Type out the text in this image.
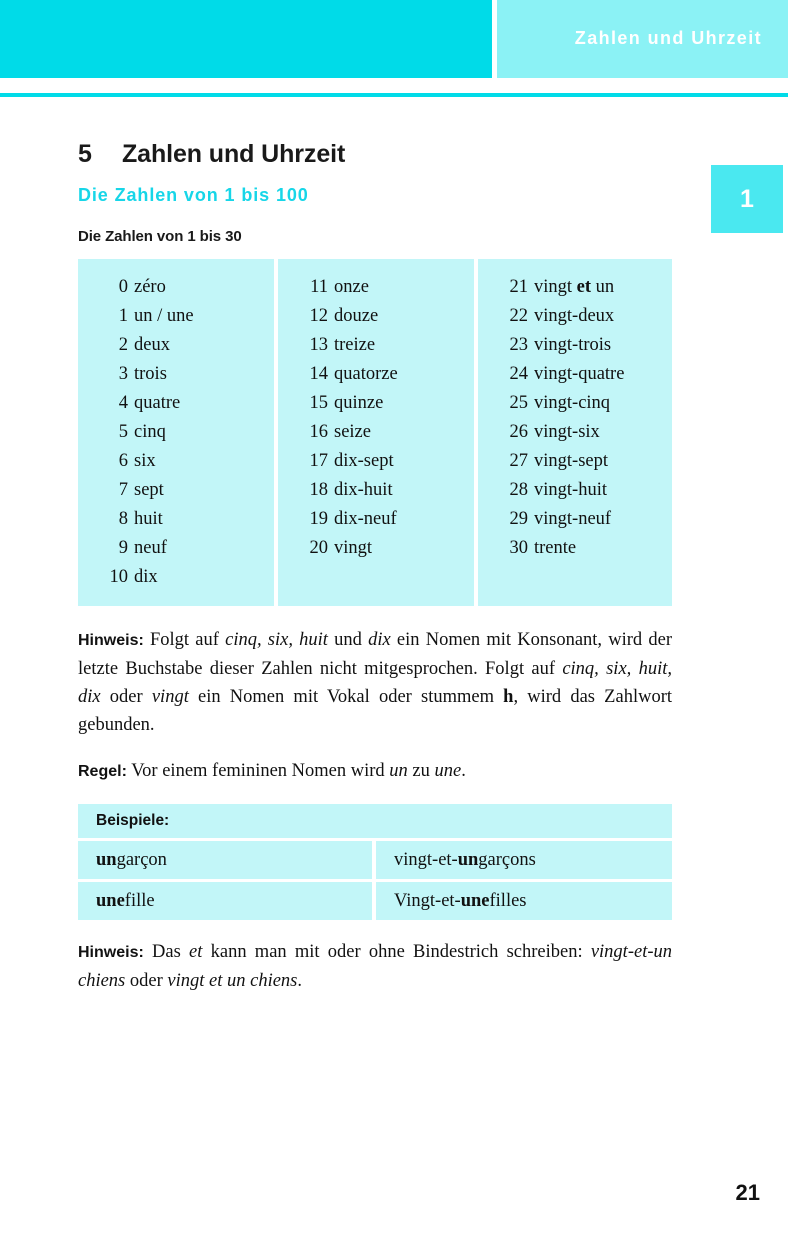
Zahlen und Uhrzeit
1
5 Zahlen und Uhrzeit
Die Zahlen von 1 bis 100
Die Zahlen von 1 bis 30
0 zéro
1 un / une
2 deux
3 trois
4 quatre
5 cinq
6 six
7 sept
8 huit
9 neuf
10 dix
11 onze
12 douze
13 treize
14 quatorze
15 quinze
16 seize
17 dix-sept
18 dix-huit
19 dix-neuf
20 vingt
21 vingt et un
22 vingt-deux
23 vingt-trois
24 vingt-quatre
25 vingt-cinq
26 vingt-six
27 vingt-sept
28 vingt-huit
29 vingt-neuf
30 trente

Hinweis: Folgt auf cinq, six, huit und dix ein Nomen mit Konsonant, wird der letzte Buchstabe dieser Zahlen nicht mitgesprochen. Folgt auf cinq, six, huit, dix oder vingt ein Nomen mit Vokal oder stummem h, wird das Zahlwort gebunden.

Regel: Vor einem femininen Nomen wird un zu une.

Beispiele:
un garçon	vingt-et- un garçons
une fille	Vingt-et- une filles

Hinweis: Das et kann man mit oder ohne Bindestrich schreiben: vingt-et-un chiens oder vingt et un chiens.

21
